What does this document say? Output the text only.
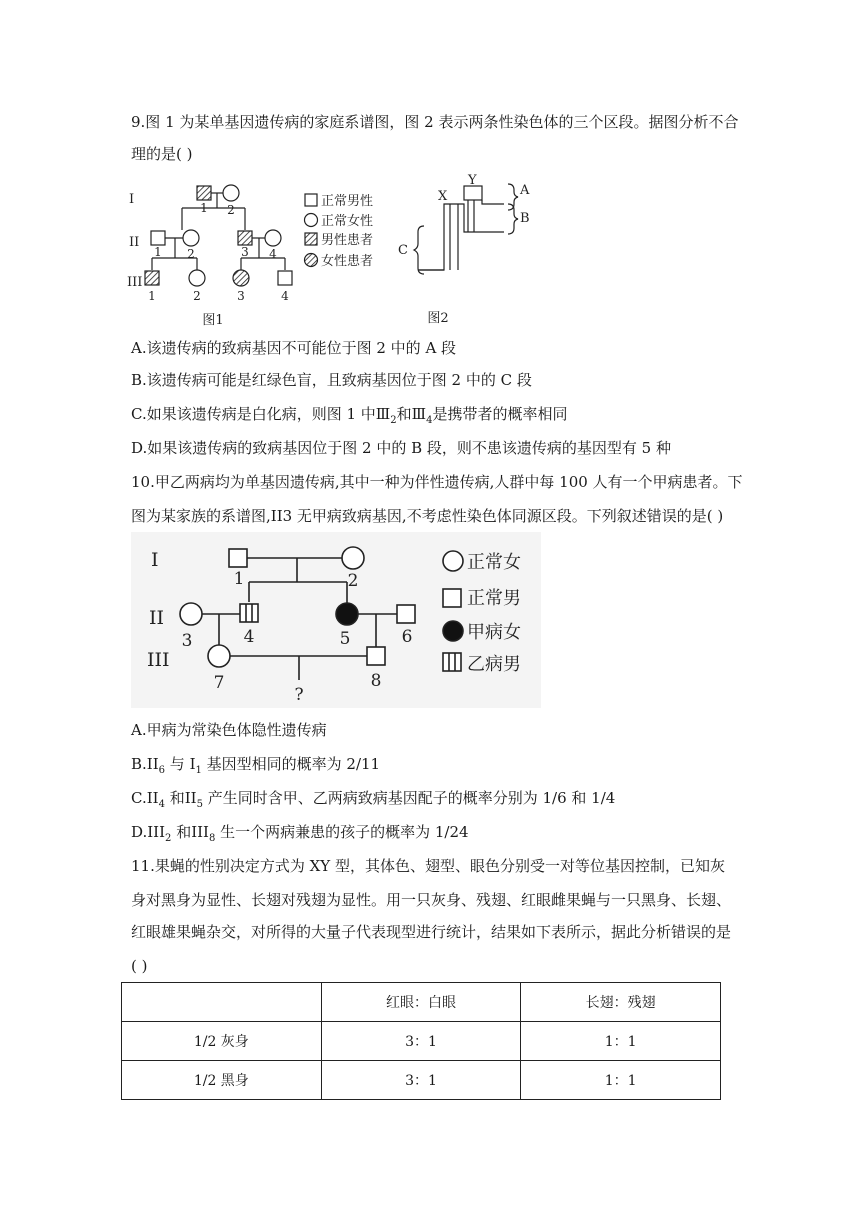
9.图 1 为某单基因遗传病的家庭系谱图，图 2 表示两条性染色体的三个区段。据图分析不合
理的是( )
I
II
III
1 2
1 2	3 4
1	2	3	4
正常男性
正常女性
男性患者
女性患者
图1
X
Y
A
B
C
图2
A.该遗传病的致病基因不可能位于图 2 中的 A 段
B.该遗传病可能是红绿色盲，且致病基因位于图 2 中的 C 段
C.如果该遗传病是白化病，则图 1 中$Ⅲ_2$和$Ⅲ_4$是携带者的概率相同
D.如果该遗传病的致病基因位于图 2 中的 B 段，则不患该遗传病的基因型有 5 种
10.甲乙两病均为单基因遗传病,其中一种为伴性遗传病,人群中每 100 人有一个甲病患者。下
图为某家族的系谱图,II3 无甲病致病基因,不考虑性染色体同源区段。下列叙述错误的是( )
I
II
III
1	2
3	4	5	6
7	8
?
正常女
正常男
甲病女
乙病男
A.甲病为常染色体隐性遗传病
$B.II_6$ 与 $I_1$ 基因型相同的概率为 2/11
$C.II_4$ 和$II_5$ 产生同时含甲、乙两病致病基因配子的概率分别为 1/6 和 1/4
$D.III_2$ 和$III_8$ 生一个两病兼患的孩子的概率为 1/24
11.果蝇的性别决定方式为 XY 型，其体色、翅型、眼色分别受一对等位基因控制，已知灰
身对黑身为显性、长翅对残翅为显性。用一只灰身、残翅、红眼雌果蝇与一只黑身、长翅、
红眼雄果蝇杂交，对所得的大量子代表现型进行统计，结果如下表所示，据此分析错误的是
( )
	红眼：白眼	长翅：残翅
1/2 灰身	3：1	1：1
1/2 黑身	3：1	1：1
